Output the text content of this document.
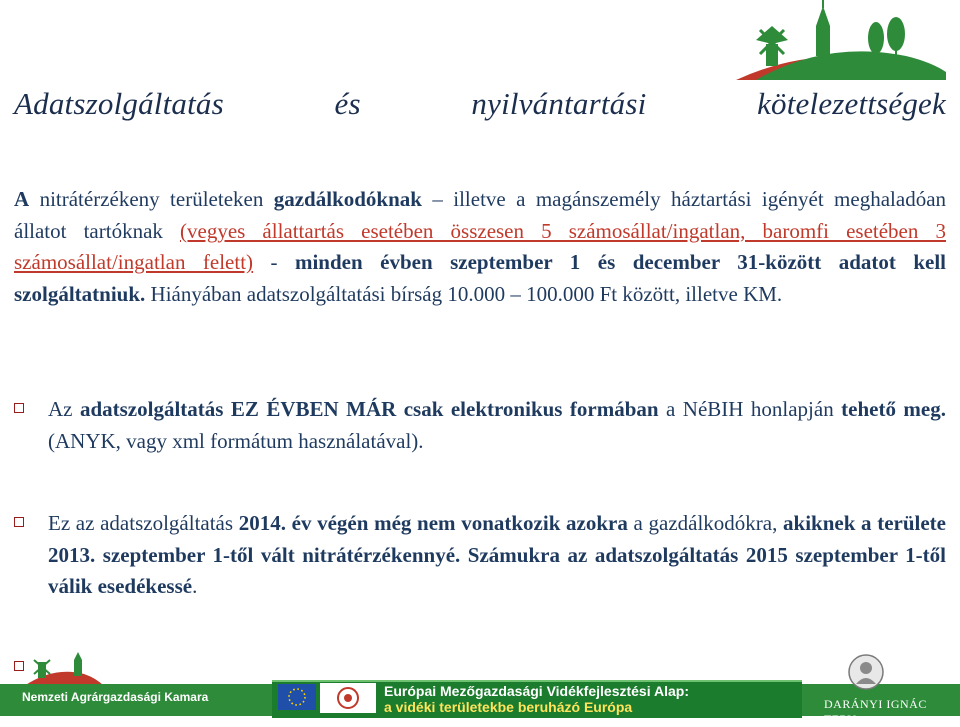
Adatszolgáltatás	és	nyilvántartási	kötelezettségek

A nitrátérzékeny területeken gazdálkodóknak – illetve a magánszemély háztartási igényét meghaladóan állatot tartóknak (vegyes állattartás esetében összesen 5 számosállat/ingatlan, baromfi esetében 3 számosállat/ingatlan felett) - minden évben szeptember 1 és december 31-között adatot kell szolgáltatniuk. Hiányában adatszolgáltatási bírság 10.000 – 100.000 Ft között, illetve KM.

Az adatszolgáltatás EZ ÉVBEN MÁR csak elektronikus formában a NéBIH honlapján tehető meg.(ANYK, vagy xml formátum használatával).
Ez az adatszolgáltatás 2014. év végén még nem vonatkozik azokra a gazdálkodókra, akiknek a területe 2013. szeptember 1-től vált nitrátérzékennyé. Számukra az adatszolgáltatás 2015 szeptember 1-től válik esedékessé.
Nemzeti Agrárgazdasági Kamara	Európai Mezőgazdasági Vidékfejlesztési Alap:
a vidéki területekbe beruházó Európa	DARÁNYI IGNÁC TERV
